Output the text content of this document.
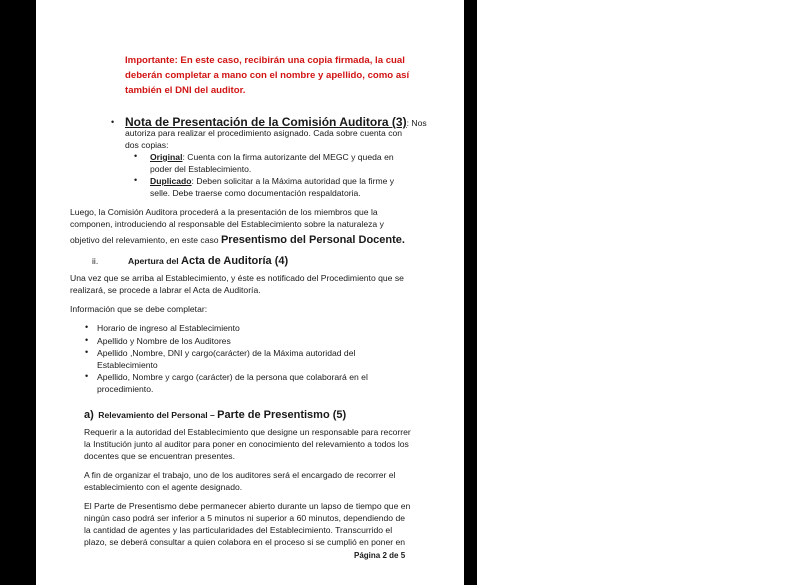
Importante: En este caso, recibirán una copia firmada, la cual
deberán completar a mano con el nombre y apellido, como así
también el DNI del auditor.
• Nota de Presentación de la Comisión Auditora (3): Nos
autoriza para realizar el procedimiento asignado. Cada sobre cuenta con
dos copias:
• Original: Cuenta con la firma autorizante del MEGC y queda en
poder del Establecimiento.
• Duplicado: Deben solicitar a la Máxima autoridad que la firme y
selle. Debe traerse como documentación respaldatoria.
Luego, la Comisión Auditora procederá a la presentación de los miembros que la
componen, introduciendo al responsable del Establecimiento sobre la naturaleza y
objetivo del relevamiento, en este caso Presentismo del Personal Docente.
ii.	Apertura del Acta de Auditoría (4)
Una vez que se arriba al Establecimiento, y éste es notificado del Procedimiento que se
realizará, se procede a labrar el Acta de Auditoría.
Información que se debe completar:
• Horario de ingreso al Establecimiento
• Apellido y Nombre de los Auditores
• Apellido ,Nombre, DNI y cargo(carácter) de la Máxima autoridad del
Establecimiento
• Apellido, Nombre y cargo (carácter) de la persona que colaborará en el
procedimiento.
a) Relevamiento del Personal – Parte de Presentismo (5)
Requerir a la autoridad del Establecimiento que designe un responsable para recorrer
la Institución junto al auditor para poner en conocimiento del relevamiento a todos los
docentes que se encuentran presentes.
A fin de organizar el trabajo, uno de los auditores será el encargado de recorrer el
establecimiento con el agente designado.
El Parte de Presentismo debe permanecer abierto durante un lapso de tiempo que en
ningún caso podrá ser inferior a 5 minutos ni superior a 60 minutos, dependiendo de
la cantidad de agentes y las particularidades del Establecimiento. Transcurrido el
plazo, se deberá consultar a quien colabora en el proceso si se cumplió en poner en
Página 2 de 5
